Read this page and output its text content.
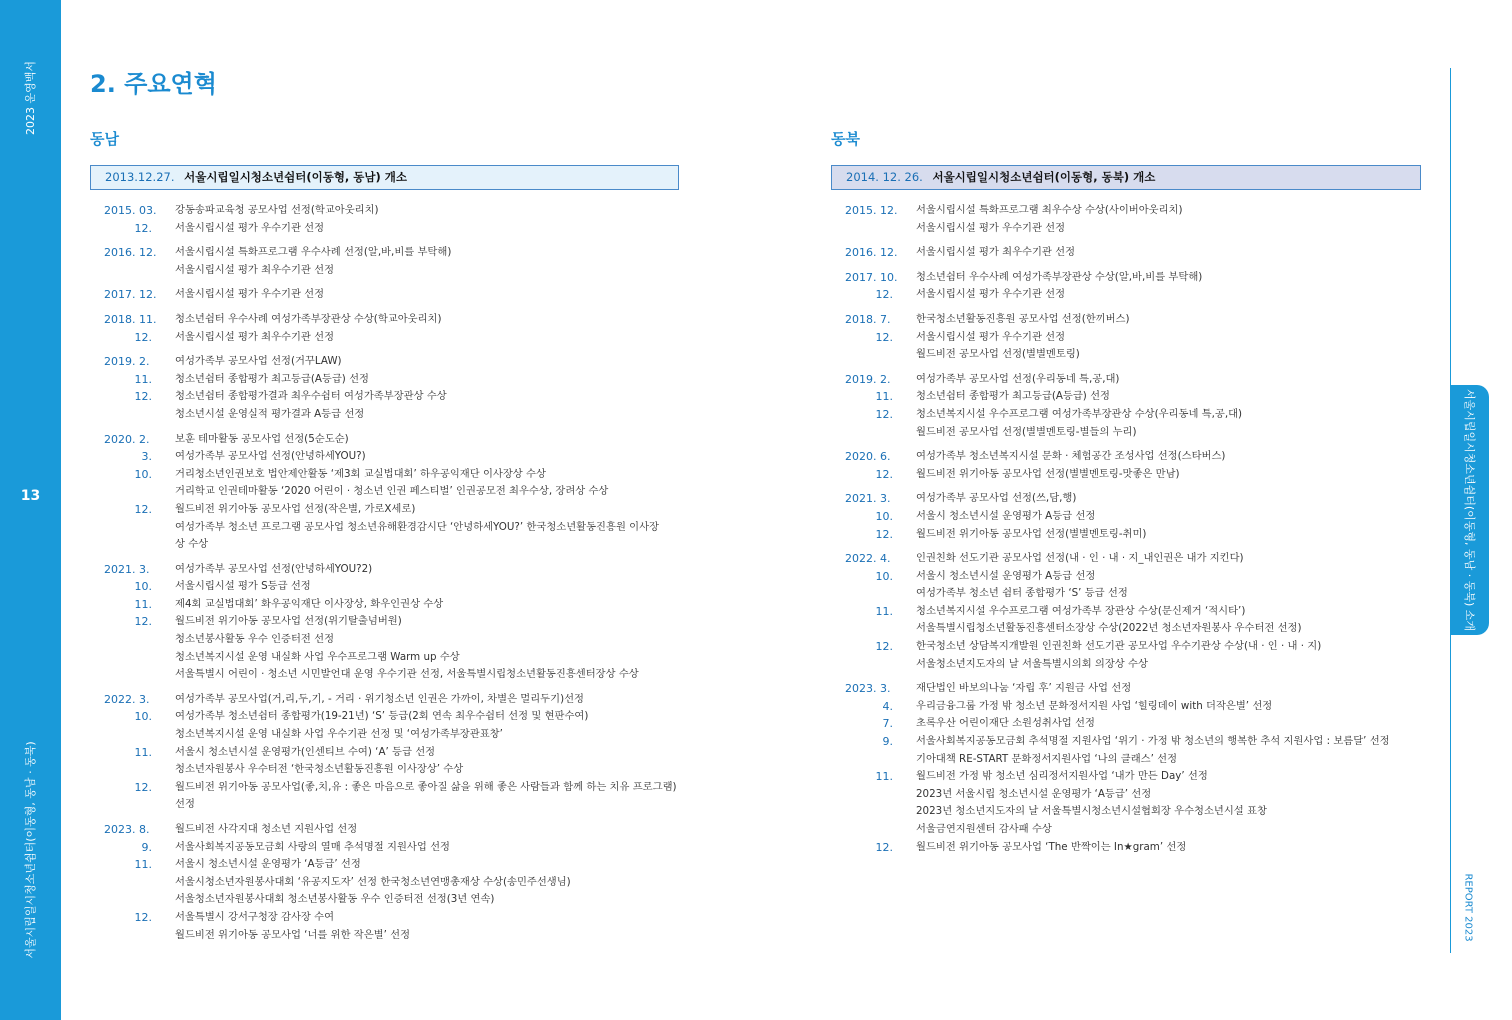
2023 운영백서
13
서울시립일시청소년쉼터(이동형, 동남 · 동북)
2. 주요연혁
서울시립일시청소년쉼터(이동형, 동남 · 동북) 소개
REPORT 2023
동남
2013.12.27. 서울시립일시청소년쉼터(이동형, 동남) 개소
2015. 03.	강동송파교육청 공모사업 선정(학교아웃리치)
12. 서울시립시설 평가 우수기관 선정
2016. 12.	서울시립시설 특화프로그램 우수사례 선정(알,바,비를 부탁해)
서울시립시설 평가 최우수기관 선정
2017. 12.	서울시립시설 평가 우수기관 선정
2018. 11.	청소년쉼터 우수사례 여성가족부장관상 수상(학교아웃리치)
12. 서울시립시설 평가 최우수기관 선정
2019. 2.	여성가족부 공모사업 선정(거꾸LAW)
11. 청소년쉼터 종합평가 최고등급(A등급) 선정
12. 청소년쉼터 종합평가결과 최우수쉼터 여성가족부장관상 수상
청소년시설 운영실적 평가결과 A등급 선정
2020. 2.	보훈 테마활동 공모사업 선정(5순도순)
3. 여성가족부 공모사업 선정(안녕하세YOU?)
10. 거리청소년인권보호 법안제안활동 ‘제3회 교실법대회’ 하우공익재단 이사장상 수상
거리학교 인권테마활동 ‘2020 어린이 · 청소년 인권 페스티벌’ 인권공모전 최우수상, 장려상 수상
12. 월드비전 위기아동 공모사업 선정(작은별, 가로X세로)
여성가족부 청소년 프로그램 공모사업 청소년유해환경감시단 ‘안녕하세YOU?’ 한국청소년활동진흥원 이사장
상 수상
2021. 3.	여성가족부 공모사업 선정(안녕하세YOU?2)
10. 서울시립시설 평가 S등급 선정
11. 제4회 교실법대회’ 화우공익재단 이사장상, 화우인권상 수상
12. 월드비전 위기아동 공모사업 선정(위기탈출넘버원)
청소년봉사활동 우수 인증터전 선정
청소년복지시설 운영 내실화 사업 우수프로그램 Warm up 수상
서울특별시 어린이 · 청소년 시민발언대 운영 우수기관 선정, 서울특별시립청소년활동진흥센터장상 수상
2022. 3.	여성가족부 공모사업(거,리,두,기, - 거리 · 위기청소년 인권은 가까이, 차별은 멀리두기)선정
10. 여성가족부 청소년쉼터 종합평가(19-21년) ‘S’ 등급(2회 연속 최우수쉼터 선정 및 현판수여)
청소년복지시설 운영 내실화 사업 우수기관 선정 및 ‘여성가족부장관표창’
11. 서울시 청소년시설 운영평가(인센티브 수여) ‘A’ 등급 선정
청소년자원봉사 우수터전 ‘한국청소년활동진흥원 이사장상’ 수상
12. 월드비전 위기아동 공모사업(좋,치,유 : 좋은 마음으로 좋아질 삶을 위해 좋은 사람들과 함께 하는 치유 프로그램)
선정
2023. 8.	월드비전 사각지대 청소년 지원사업 선정
9. 서울사회복지공동모금회 사랑의 열매 추석명절 지원사업 선정
11. 서울시 청소년시설 운영평가 ‘A등급’ 선정
서울시청소년자원봉사대회 ‘유공지도자’ 선정 한국청소년연맹총재상 수상(송민주선생님)
서울청소년자원봉사대회 청소년봉사활동 우수 인증터전 선정(3년 연속)
12. 서울특별시 강서구청장 감사장 수여
월드비전 위기아동 공모사업 ‘너를 위한 작은별’ 선정
동북
2014. 12. 26. 서울시립일시청소년쉼터(이동형, 동북) 개소
2015. 12.	서울시립시설 특화프로그램 최우수상 수상(사이버아웃리치)
서울시립시설 평가 우수기관 선정
2016. 12.	서울시립시설 평가 최우수기관 선정
2017. 10.	청소년쉼터 우수사례 여성가족부장관상 수상(알,바,비를 부탁해)
12. 서울시립시설 평가 우수기관 선정
2018. 7.	한국청소년활동진흥원 공모사업 선정(한끼버스)
12. 서울시립시설 평가 우수기관 선정
월드비전 공모사업 선정(별별멘토링)
2019. 2.	여성가족부 공모사업 선정(우리동네 특,공,대)
11. 청소년쉼터 종합평가 최고등급(A등급) 선정
12. 청소년복지시설 우수프로그램 여성가족부장관상 수상(우리동네 특,공,대)
월드비전 공모사업 선정(별별멘토링-별들의 누리)
2020. 6.	여성가족부 청소년복지시설 문화 · 체험공간 조성사업 선정(스타버스)
12. 월드비전 위기아동 공모사업 선정(별별멘토링-맛좋은 만남)
2021. 3.	여성가족부 공모사업 선정(쓰,담,행)
10. 서울시 청소년시설 운영평가 A등급 선정
12. 월드비전 위기아동 공모사업 선정(별별멘토링-취미)
2022. 4.	인권친화 선도기관 공모사업 선정(내 · 인 · 내 · 지_내인권은 내가 지킨다)
10. 서울시 청소년시설 운영평가 A등급 선정
여성가족부 청소년 쉼터 종합평가 ‘S’ 등급 선정
11. 청소년복지시설 우수프로그램 여성가족부 장관상 수상(문신제거 ‘적시타’)
서울특별시립청소년활동진흥센터소장상 수상(2022년 청소년자원봉사 우수터전 선정)
12. 한국청소년 상담복지개발원 인권친화 선도기관 공모사업 우수기관상 수상(내 · 인 · 내 · 지)
서울청소년지도자의 날 서울특별시의회 의장상 수상
2023. 3.	재단법인 바보의나눔 ‘자립 후’ 지원금 사업 선정
4. 우리금융그룹 가정 밖 청소년 문화정서지원 사업 ‘힐링데이 with 더작은별’ 선정
7. 초록우산 어린이재단 소원성취사업 선정
9. 서울사회복지공동모금회 추석명절 지원사업 ‘위기 · 가정 밖 청소년의 행복한 추석 지원사업 : 보름달’ 선정
기아대책 RE-START 문화정서지원사업 ‘나의 클래스’ 선정
11. 월드비전 가정 밖 청소년 심리정서지원사업 ‘내가 만든 Day’ 선정
2023년 서울시립 청소년시설 운영평가 ‘A등급’ 선정
2023년 청소년지도자의 날 서울특별시청소년시설협회장 우수청소년시설 표창
서울금연지원센터 감사패 수상
12. 월드비전 위기아동 공모사업 ‘The 반짝이는 In★gram’ 선정
